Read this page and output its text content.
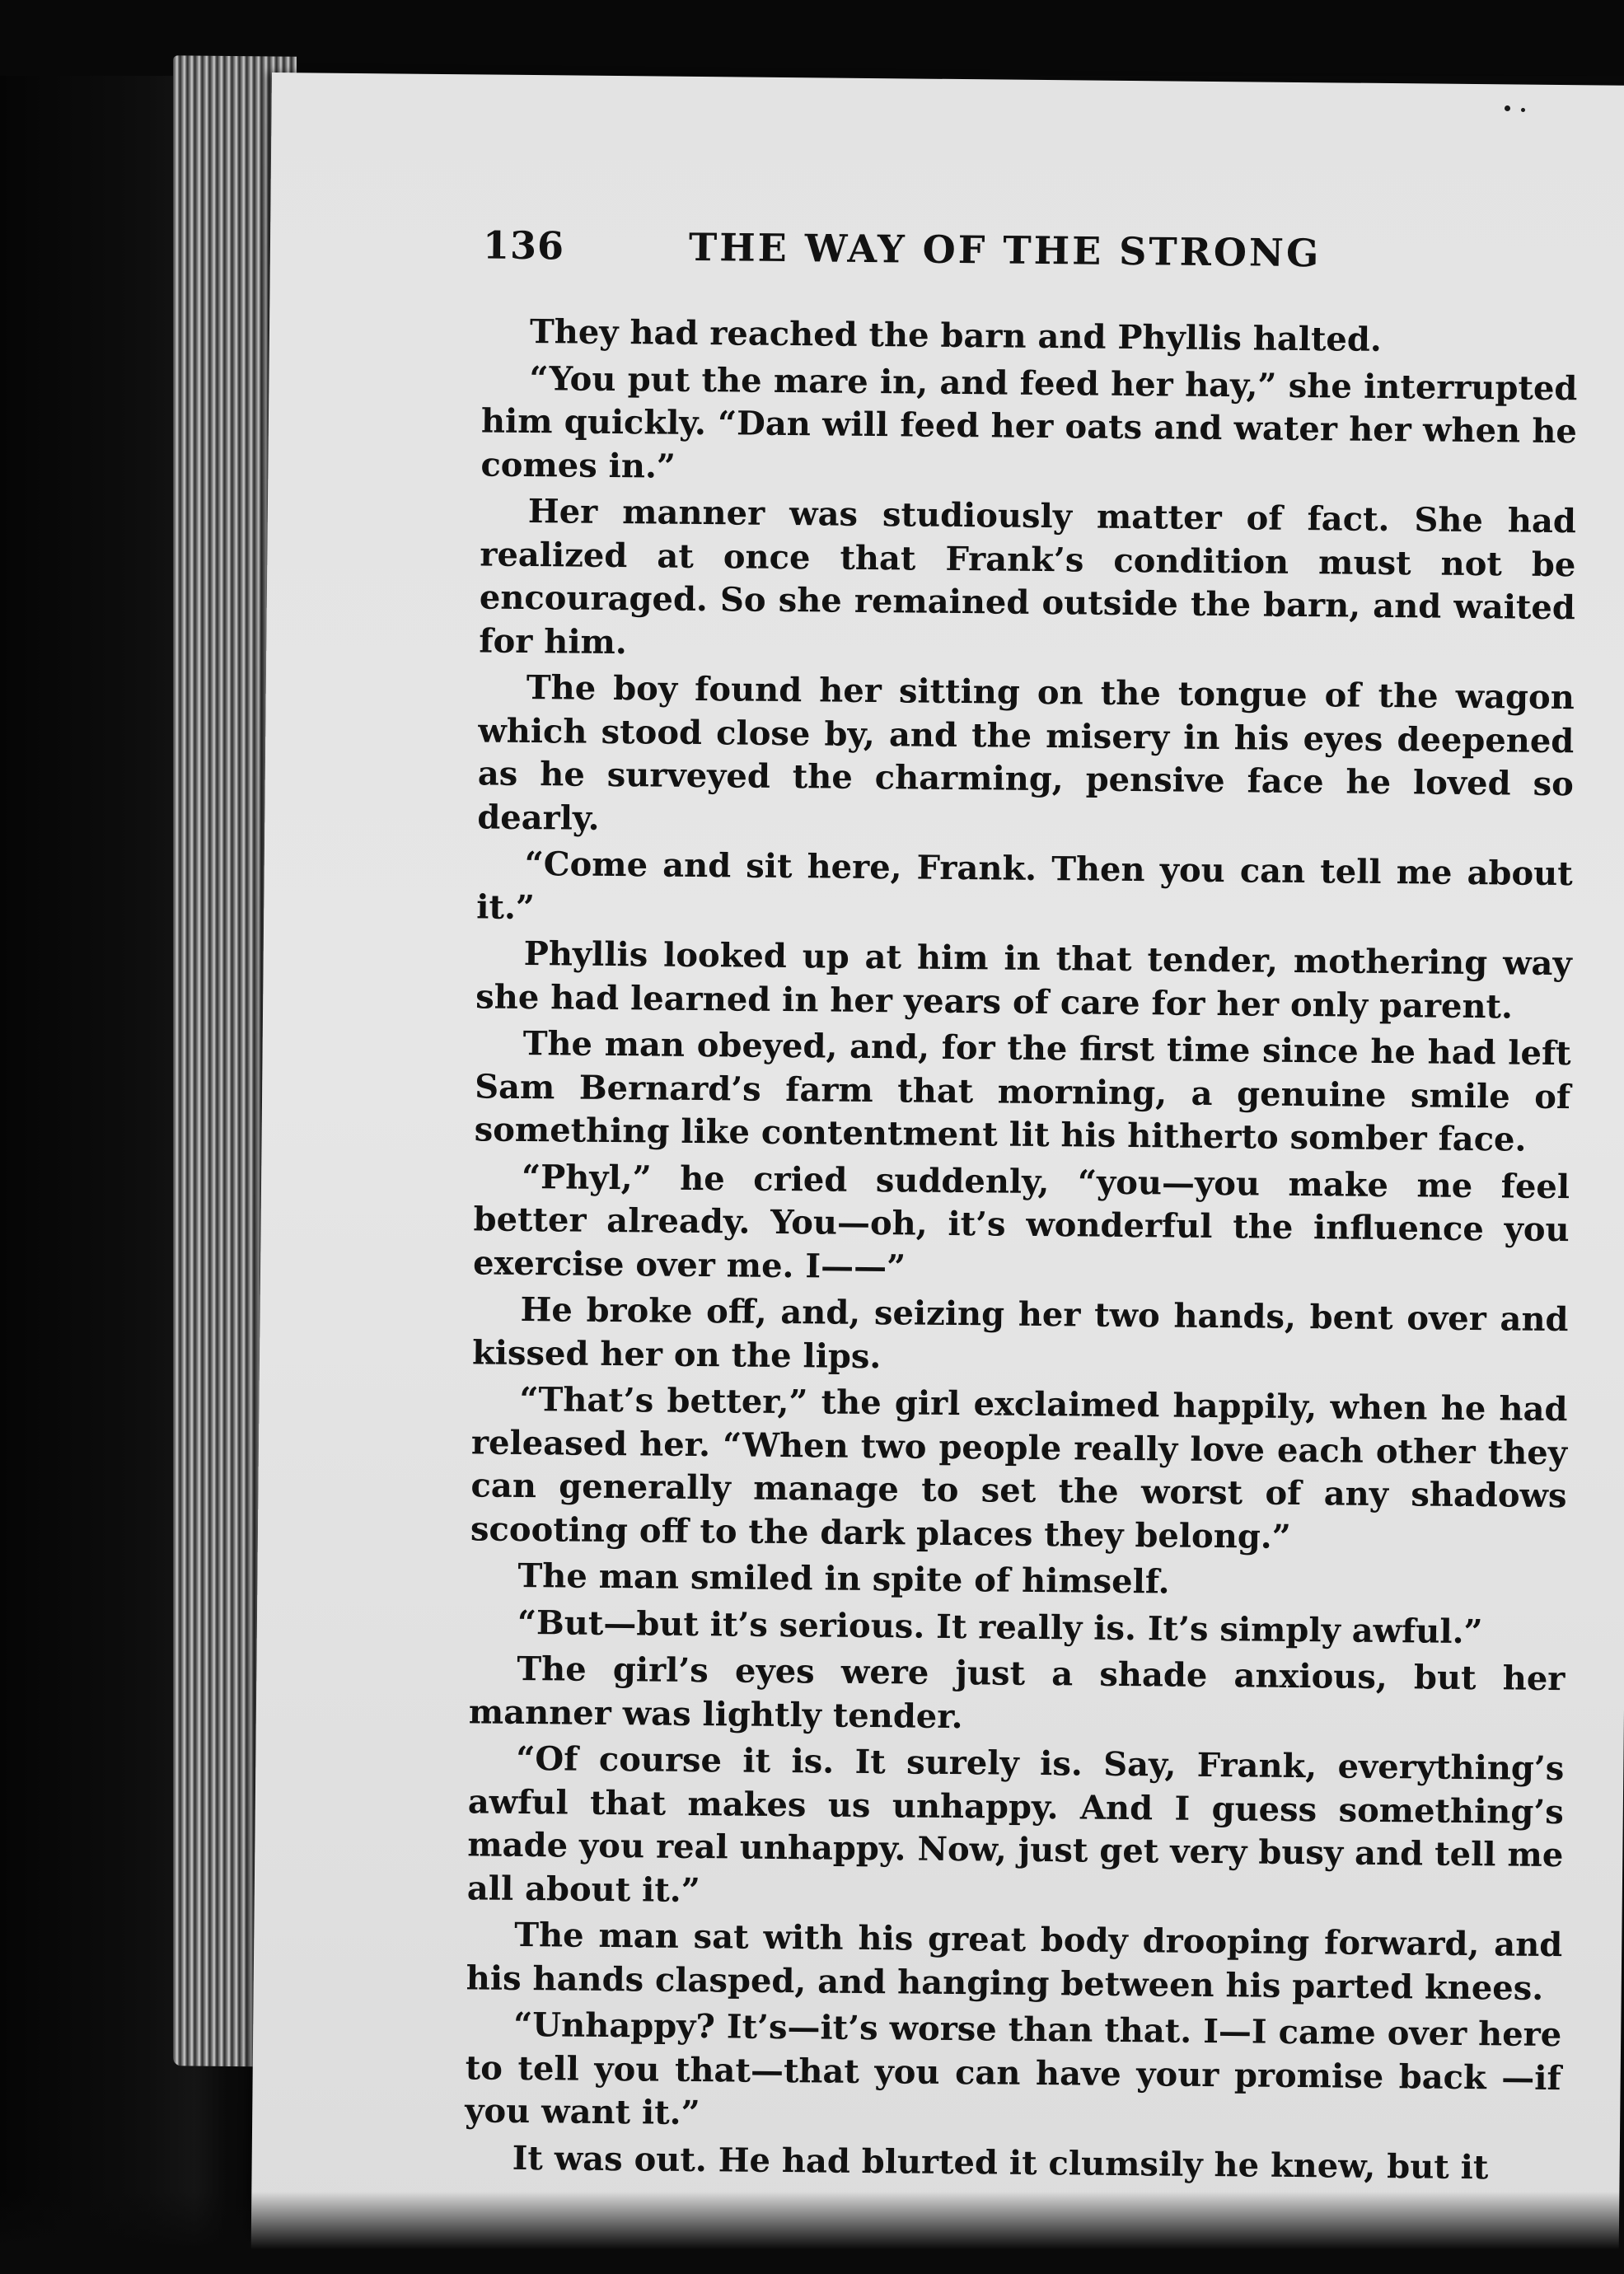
136	THE WAY OF THE STRONG

They had reached the barn and Phyllis halted.

“You put the mare in, and feed her hay,” she interrupted him quickly. “Dan will feed her oats and water her when he comes in.”

Her manner was studiously matter of fact. She had realized at once that Frank’s condition must not be encouraged. So she remained outside the barn, and waited for him.

The boy found her sitting on the tongue of the wagon which stood close by, and the misery in his eyes deepened as he surveyed the charming, pensive face he loved so dearly.

“Come and sit here, Frank. Then you can tell me about it.”

Phyllis looked up at him in that tender, mothering way she had learned in her years of care for her only parent.

The man obeyed, and, for the first time since he had left Sam Bernard’s farm that morning, a genuine smile of something like contentment lit his hitherto somber face.

“Phyl,” he cried suddenly, “you—you make me feel better already. You—oh, it’s wonderful the influence you exercise over me. I——”

He broke off, and, seizing her two hands, bent over and kissed her on the lips.

“That’s better,” the girl exclaimed happily, when he had released her. “When two people really love each other they can generally manage to set the worst of any shadows scooting off to the dark places they belong.”

The man smiled in spite of himself.

“But—but it’s serious. It really is. It’s simply awful.”

The girl’s eyes were just a shade anxious, but her manner was lightly tender.

“Of course it is. It surely is. Say, Frank, everything’s awful that makes us unhappy. And I guess something’s made you real unhappy. Now, just get very busy and tell me all about it.”

The man sat with his great body drooping forward, and his hands clasped, and hanging between his parted knees.

“Unhappy? It’s—it’s worse than that. I—I came over here to tell you that—that you can have your promise back —if you want it.”

It was out. He had blurted it clumsily he knew, but it
